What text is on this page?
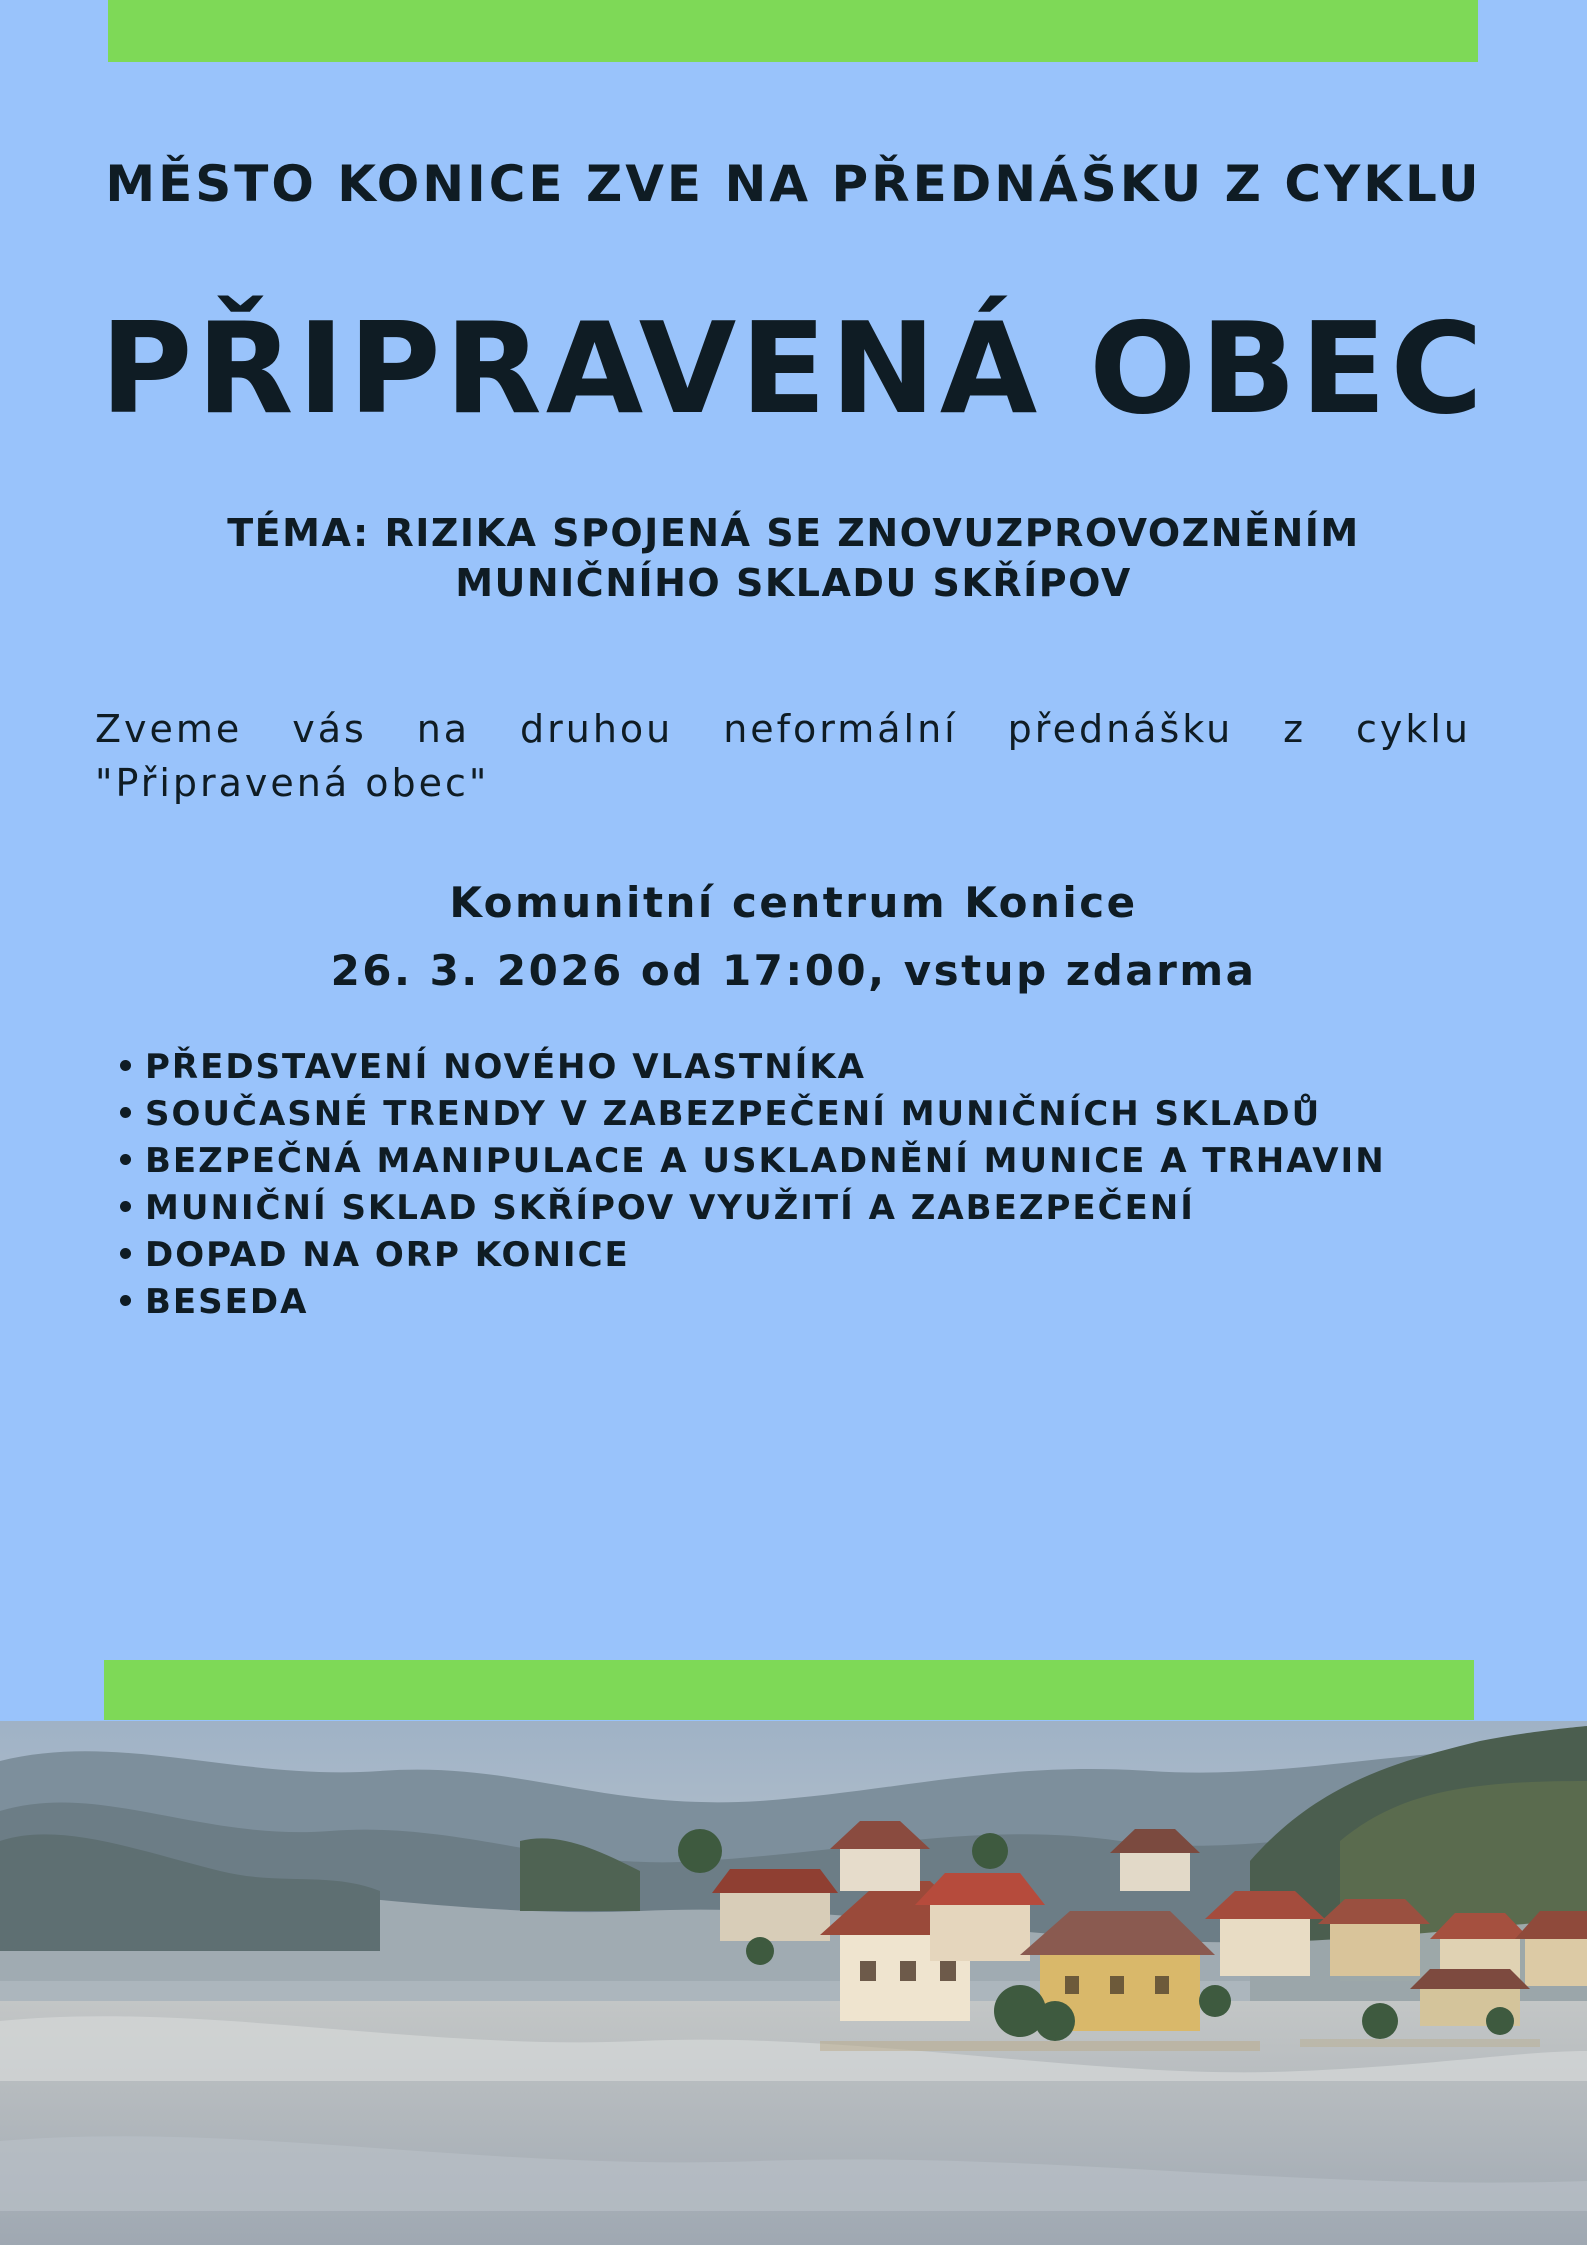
MĚSTO KONICE ZVE NA PŘEDNÁŠKU Z CYKLU
PŘIPRAVENÁ OBEC
TÉMA: RIZIKA SPOJENÁ SE ZNOVUZPROVOZNĚNÍM
MUNIČNÍHO SKLADU SKŘÍPOV
Zveme vás na druhou neformální přednášku z cyklu
"Připravená obec"
Komunitní centrum Konice
26. 3. 2026 od 17:00, vstup zdarma
PŘEDSTAVENÍ NOVÉHO VLASTNÍKA
SOUČASNÉ TRENDY V ZABEZPEČENÍ MUNIČNÍCH SKLADŮ
BEZPEČNÁ MANIPULACE A USKLADNĚNÍ MUNICE A TRHAVIN
MUNIČNÍ SKLAD SKŘÍPOV VYUŽITÍ A ZABEZPEČENÍ
DOPAD NA ORP KONICE
BESEDA
